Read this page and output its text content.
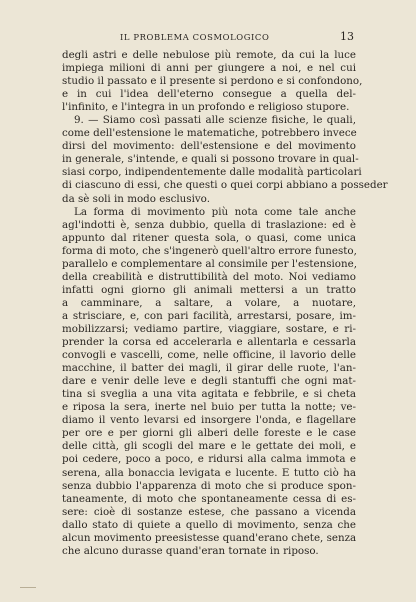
IL PROBLEMA COSMOLOGICO	13
degli astri e delle nebulose più remote, da cui la luce
impiega milioni di anni per giungere a noi, e nel cui
studio il passato e il presente si perdono e si confondono,
e in cui l'idea dell'eterno consegue a quella del-
l'infinito, e l'integra in un profondo e religioso stupore.
9. — Siamo così passati alle scienze fisiche, le quali,
come dell'estensione le matematiche, potrebbero invece
dirsi del movimento: dell'estensione e del movimento
in generale, s'intende, e quali si possono trovare in qual-
siasi corpo, indipendentemente dalle modalità particolari
di ciascuno di essi, che questi o quei corpi abbiano a posseder
da sè soli in modo esclusivo.
La forma di movimento più nota come tale anche
agl'indotti è, senza dubbio, quella di traslazione: ed è
appunto dal ritener questa sola, o quasi, come unica
forma di moto, che s'ingenerò quell'altro errore funesto,
parallelo e complementare al consimile per l'estensione,
della creabilità e distruttibilità del moto. Noi vediamo
infatti ogni giorno gli animali mettersi a un tratto
a camminare, a saltare, a volare, a nuotare,
a strisciare, e, con pari facilità, arrestarsi, posare, im-
mobilizzarsi; vediamo partire, viaggiare, sostare, e ri-
prender la corsa ed accelerarla e allentarla e cessarla
convogli e vascelli, come, nelle officine, il lavorio delle
macchine, il batter dei magli, il girar delle ruote, l'an-
dare e venir delle leve e degli stantuffi che ogni mat-
tina si sveglia a una vita agitata e febbrile, e si cheta
e riposa la sera, inerte nel buio per tutta la notte; ve-
diamo il vento levarsi ed insorgere l'onda, e flagellare
per ore e per giorni gli alberi delle foreste e le case
delle città, gli scogli del mare e le gettate dei moli, e
poi cedere, poco a poco, e ridursi alla calma immota e
serena, alla bonaccia levigata e lucente. E tutto ciò ha
senza dubbio l'apparenza di moto che si produce spon-
taneamente, di moto che spontaneamente cessa di es-
sere: cioè di sostanze estese, che passano a vicenda
dallo stato di quiete a quello di movimento, senza che
alcun movimento preesistesse quand'erano chete, senza
che alcuno durasse quand'eran tornate in riposo.
